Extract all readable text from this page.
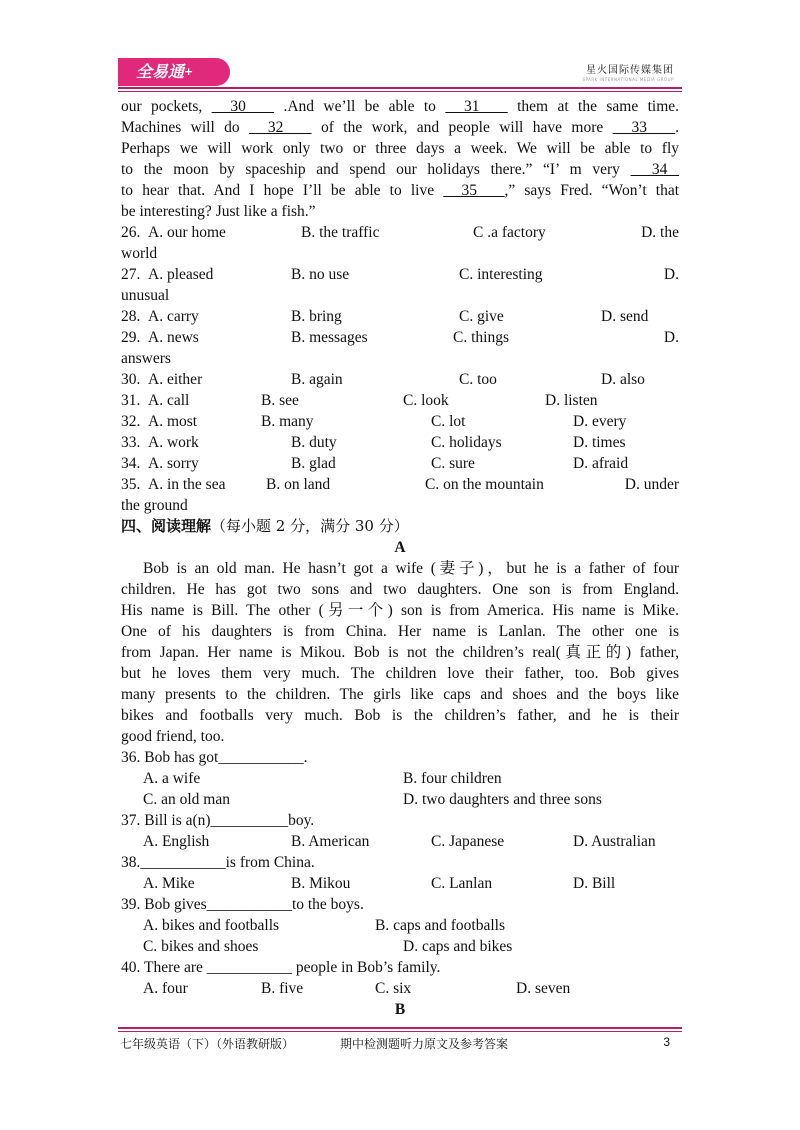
全易通+	星火国际传媒集团
SPARK INTERNATIONAL MEDIA GROUP
our pockets,   30    .And we’ll be able to   31    them at the same time.
Machines will do   32    of the work, and people will have more   33   .
Perhaps we will work only two or three days a week. We will be able to fly
to the moon by spaceship and spend our holidays there.” “I’ m very   34
to hear that. And I hope I’ll be able to live   35   ,” says Fred. “Won’t that
be interesting? Just like a fish.”
26. A. our home	B. the traffic	C .a factory	D. the
world
27. A. pleased	B. no use	C. interesting	D.
unusual
28. A. carry	B. bring	C. give	D. send
29. A. news	B. messages	C. things	D.
answers
30. A. either	B. again	C. too	D. also
31. A. call	B. see	C. look	D. listen
32. A. most	B. many	C. lot	D. every
33. A. work	B. duty	C. holidays	D. times
34. A. sorry	B. glad	C. sure	D. afraid
35. A. in the sea	B. on land	C. on the mountain	D. under
the ground
四、阅读理解（每小题 2 分，满分 30 分）
A
Bob is an old man. He hasn’t got a wife (妻子)，but he is a father of four
children. He has got two sons and two daughters. One son is from England.
His name is Bill. The other (另一个) son is from America. His name is Mike.
One of his daughters is from China. Her name is Lanlan. The other one is
from Japan. Her name is Mikou. Bob is not the children’s real(真正的) father,
but he loves them very much. The children love their father, too. Bob gives
many presents to the children. The girls like caps and shoes and the boys like
bikes and footballs very much. Bob is the children’s father, and he is their
good friend, too.
36. Bob has got___________.
A. a wife	B. four children
C. an old man	D. two daughters and three sons
37. Bill is a(n)__________boy.
A. English	B. American	C. Japanese	D. Australian
38.___________is from China.
A. Mike	B. Mikou	C. Lanlan	D. Bill
39. Bob gives___________to the boys.
A. bikes and footballs	B. caps and footballs
C. bikes and shoes	D. caps and bikes
40. There are ___________ people in Bob’s family.
A. four	B. five	C. six	D. seven
B
七年级英语（下）（外语教研版）	期中检测题听力原文及参考答案	3
